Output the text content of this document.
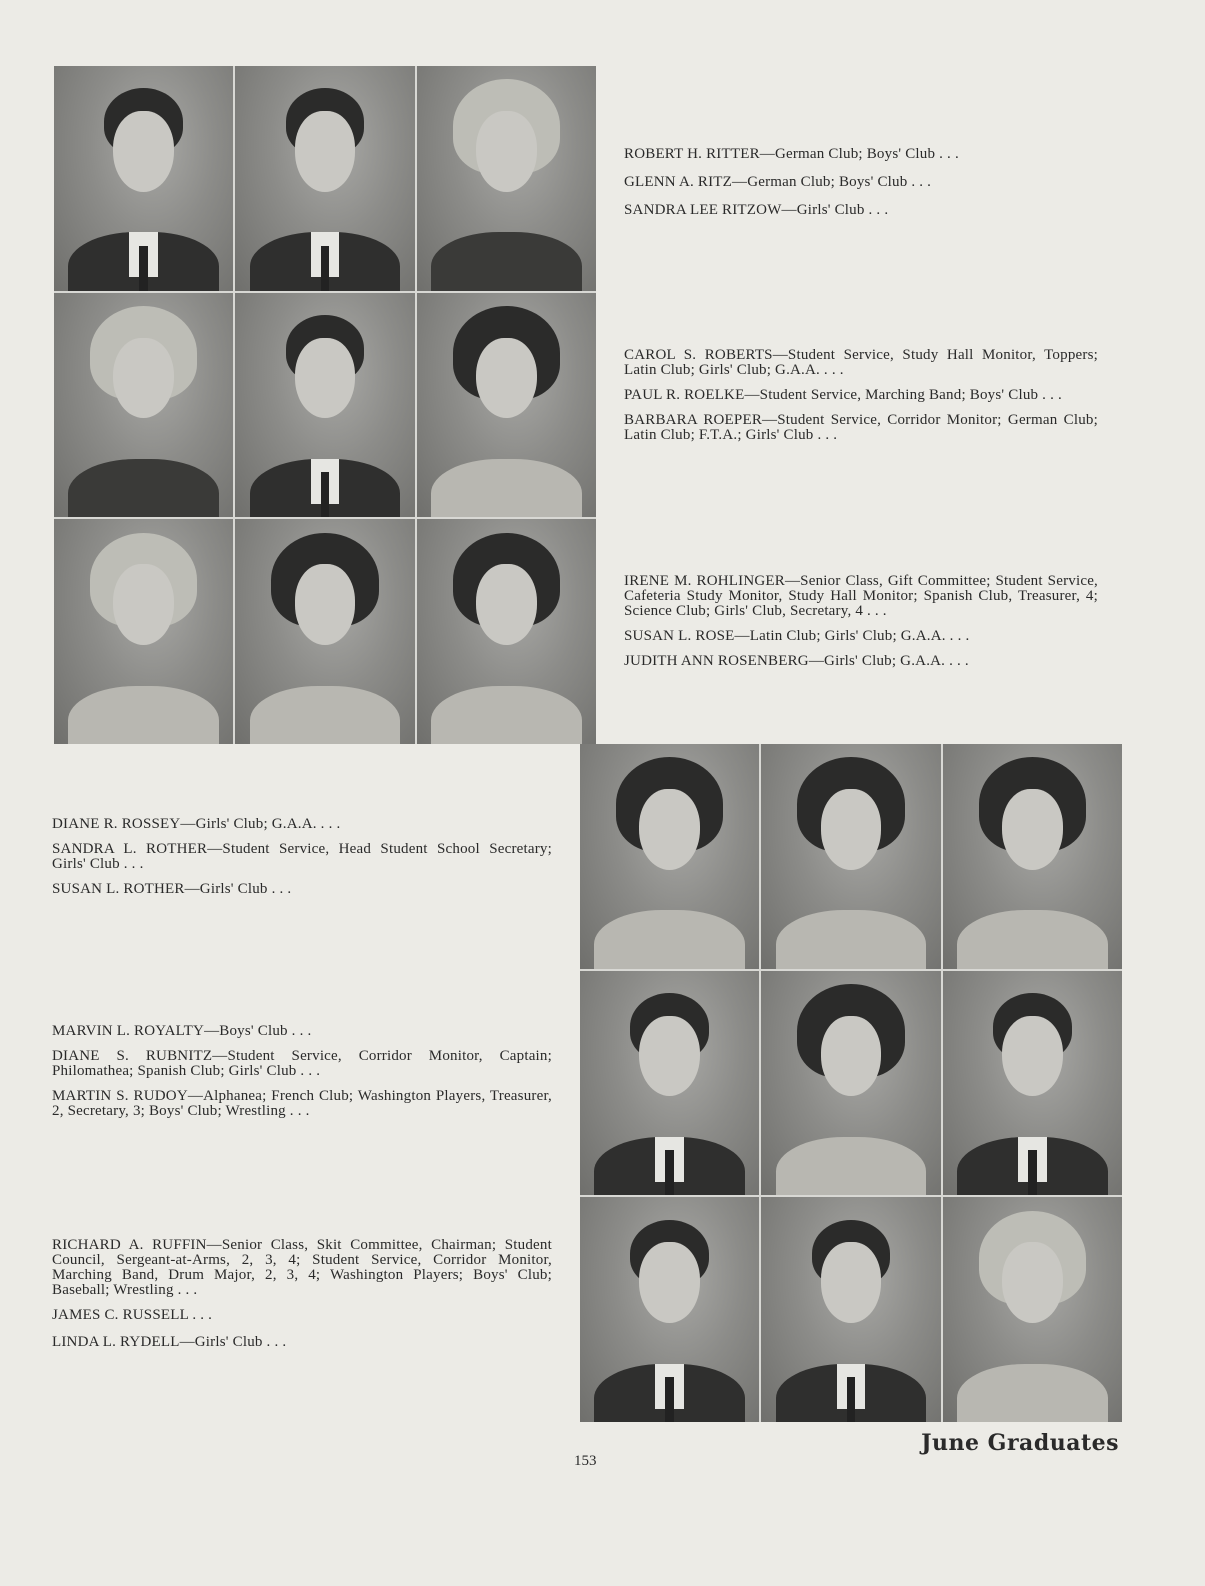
ROBERT H. RITTER—German Club; Boys' Club . . .

GLENN A. RITZ—German Club; Boys' Club . . .

SANDRA LEE RITZOW—Girls' Club . . .

CAROL S. ROBERTS—Student Service, Study Hall Monitor, Toppers; Latin Club; Girls' Club; G.A.A. . . .

PAUL R. ROELKE—Student Service, Marching Band; Boys' Club . . .

BARBARA ROEPER—Student Service, Corridor Monitor; German Club; Latin Club; F.T.A.; Girls' Club . . .

IRENE M. ROHLINGER—Senior Class, Gift Committee; Student Service, Cafeteria Study Monitor, Study Hall Monitor; Spanish Club, Treasurer, 4; Science Club; Girls' Club, Secretary, 4 . . .

SUSAN L. ROSE—Latin Club; Girls' Club; G.A.A. . . .

JUDITH ANN ROSENBERG—Girls' Club; G.A.A. . . .

DIANE R. ROSSEY—Girls' Club; G.A.A. . . .

SANDRA L. ROTHER—Student Service, Head Student School Secretary; Girls' Club . . .

SUSAN L. ROTHER—Girls' Club . . .

MARVIN L. ROYALTY—Boys' Club . . .

DIANE S. RUBNITZ—Student Service, Corridor Monitor, Captain; Philomathea; Spanish Club; Girls' Club . . .

MARTIN S. RUDOY—Alphanea; French Club; Washington Players, Treasurer, 2, Secretary, 3; Boys' Club; Wrestling . . .

RICHARD A. RUFFIN—Senior Class, Skit Committee, Chairman; Student Council, Sergeant-at-Arms, 2, 3, 4; Student Service, Corridor Monitor, Marching Band, Drum Major, 2, 3, 4; Washington Players; Boys' Club; Baseball; Wrestling . . .

JAMES C. RUSSELL . . .

LINDA L. RYDELL—Girls' Club . . .

153
June Graduates
